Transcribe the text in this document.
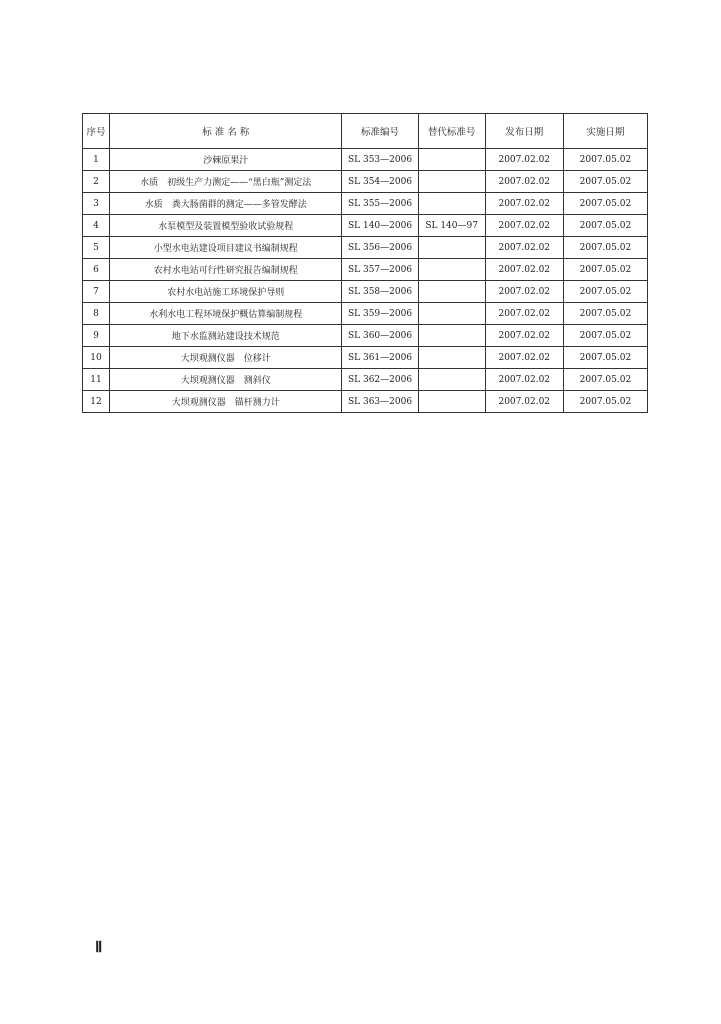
序号	标 准 名 称	标准编号	替代标准号	发布日期	实施日期
1	沙棘原果汁	SL 353—2006		2007.02.02	2007.05.02
2	水质　初级生产力测定——“黑白瓶”测定法	SL 354—2006		2007.02.02	2007.05.02
3	水质　粪大肠菌群的测定——多管发酵法	SL 355—2006		2007.02.02	2007.05.02
4	水泵模型及装置模型验收试验规程	SL 140—2006	SL 140—97	2007.02.02	2007.05.02
5	小型水电站建设项目建议书编制规程	SL 356—2006		2007.02.02	2007.05.02
6	农村水电站可行性研究报告编制规程	SL 357—2006		2007.02.02	2007.05.02
7	农村水电站施工环境保护导则	SL 358—2006		2007.02.02	2007.05.02
8	水利水电工程环境保护概估算编制规程	SL 359—2006		2007.02.02	2007.05.02
9	地下水监测站建设技术规范	SL 360—2006		2007.02.02	2007.05.02
10	大坝观测仪器　位移计	SL 361—2006		2007.02.02	2007.05.02
11	大坝观测仪器　测斜仪	SL 362—2006		2007.02.02	2007.05.02
12	大坝观测仪器　锚杆测力计	SL 363—2006		2007.02.02	2007.05.02
Ⅱ
